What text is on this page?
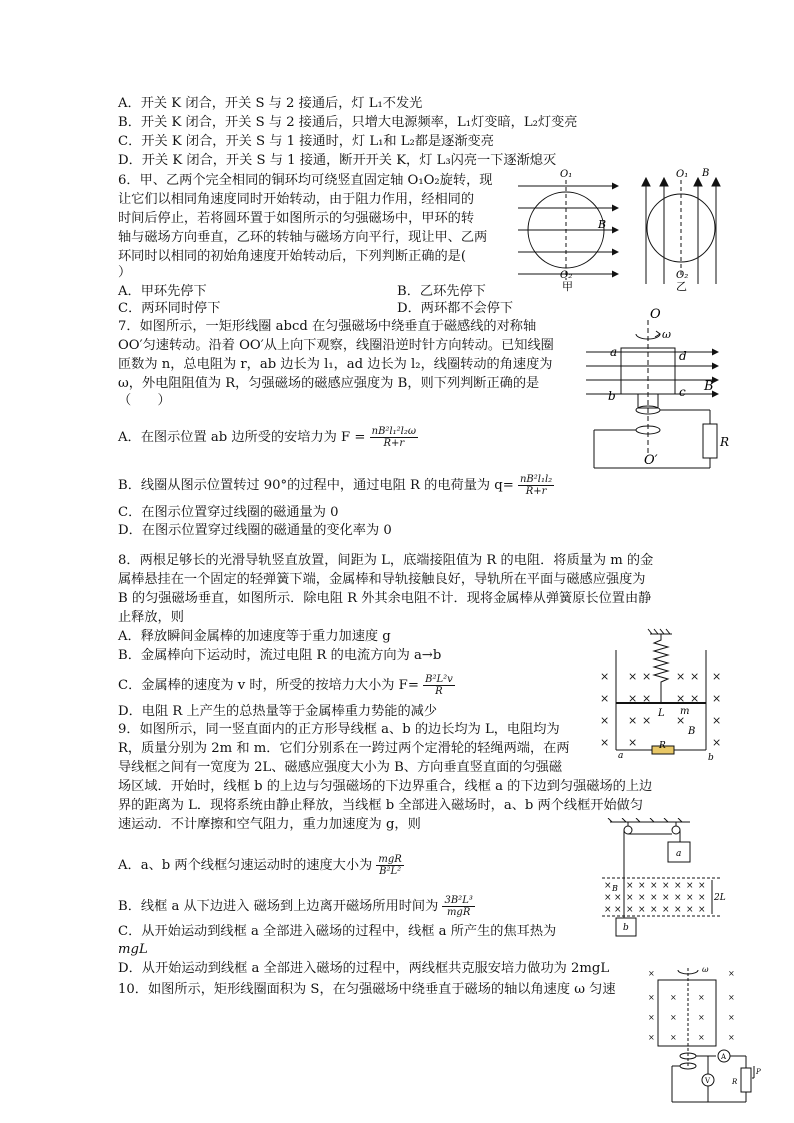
A．开关 K 闭合，开关 S 与 2 接通后，灯 L₁不发光
B．开关 K 闭合，开关 S 与 2 接通后，只增大电源频率，L₁灯变暗，L₂灯变亮
C．开关 K 闭合，开关 S 与 1 接通时，灯 L₁和 L₂都是逐渐变亮
D．开关 K 闭合，开关 S 与 1 接通，断开开关 K，灯 L₃闪亮一下逐渐熄灭
6．甲、乙两个完全相同的铜环均可绕竖直固定轴 O₁O₂旋转，现
让它们以相同角速度同时开始转动，由于阻力作用，经相同的
时间后停止，若将圆环置于如图所示的匀强磁场中，甲环的转
轴与磁场方向垂直，乙环的转轴与磁场方向平行，现让甲、乙两
环同时以相同的初始角速度开始转动后，下列判断正确的是(
）
A．甲环先停下	B．乙环先停下
C．两环同时停下	D．两环都不会停下
O₁
O₂
B
甲
O₁
O₂
B
乙
7．如图所示，一矩形线圈 abcd 在匀强磁场中绕垂直于磁感线的对称轴
OO′匀速转动。沿着 OO′从上向下观察，线圈沿逆时针方向转动。已知线圈
匝数为 n，总电阻为 r，ab 边长为 l₁，ad 边长为 l₂，线圈转动的角速度为
ω，外电阻阻值为 R，匀强磁场的磁感应强度为 B，则下列判断正确的是
（　　）
A．在图示位置 ab 边所受的安培力为 $F = \frac{\text{nB²l₁²l₂ω}}{R+r}$
B．线圈从图示位置转过 90°的过程中，通过电阻 R 的电荷量为 $q= \frac{\text{nB²l₁l₂}}{R+r}$
C．在图示位置穿过线圈的磁通量为 0
D．在图示位置穿过线圈的磁通量的变化率为 0
O
ω
a	d
b	c B
R
O′
8．两根足够长的光滑导轨竖直放置，间距为 L，底端接阻值为 R 的电阻．将质量为 m 的金
属棒悬挂在一个固定的轻弹簧下端，金属棒和导轨接触良好，导轨所在平面与磁感应强度为
B 的匀强磁场垂直，如图所示．除电阻 R 外其余电阻不计．现将金属棒从弹簧原长位置由静
止释放，则
A．释放瞬间金属棒的加速度等于重力加速度 g
B．金属棒向下运动时，流过电阻 R 的电流方向为 a→b
C．金属棒的速度为 v 时，所受的按培力大小为 $F= \frac{\text{B²L²v}}{R}$
D．电阻 R 上产生的总热量等于金属棒重力势能的减少
× × × × × ×
× × × × × ×
× × × × ×
× ×	×
L m
B
R
a	b
9．如图所示，同一竖直面内的正方形导线框 a、b 的边长均为 L，电阻均为
R，质量分别为 2m 和 m．它们分别系在一跨过两个定滑轮的轻绳两端，在两
导线框之间有一宽度为 2L、磁感应强度大小为 B、方向垂直竖直面的匀强磁
场区域．开始时，线框 b 的上边与匀强磁场的下边界重合，线框 a 的下边到匀强磁场的上边
界的距离为 L．现将系统由静止释放，当线框 b 全部进入磁场时，a、b 两个线框开始做匀
速运动．不计摩擦和空气阻力，重力加速度为 g，则
A．a、b 两个线框匀速运动时的速度大小为 $\frac{\text{mgR}}{\text{B²L²}}$
B．线框 a 从下边进入 磁场到上边离开磁场所用时间为 $\frac{\text{3B²L³}}{\text{mgR}}$
C．从开始运动到线框 a 全部进入磁场的过程中，线框 a 所产生的焦耳热为
mgL
D．从开始运动到线框 a 全部进入磁场的过程中，两线框共克服安培力做功为 2mgL
× × × × × × × ×
× × × × × × × × ×
× × × × × × × × ×
a
b
B
2L
10．如图所示，矩形线圈面积为 S，在匀强磁场中绕垂直于磁场的轴以角速度 ω 匀速
×	×
×	×	×
×
×	×	×
×
×	×	×
×
ω
A
V	R
P
